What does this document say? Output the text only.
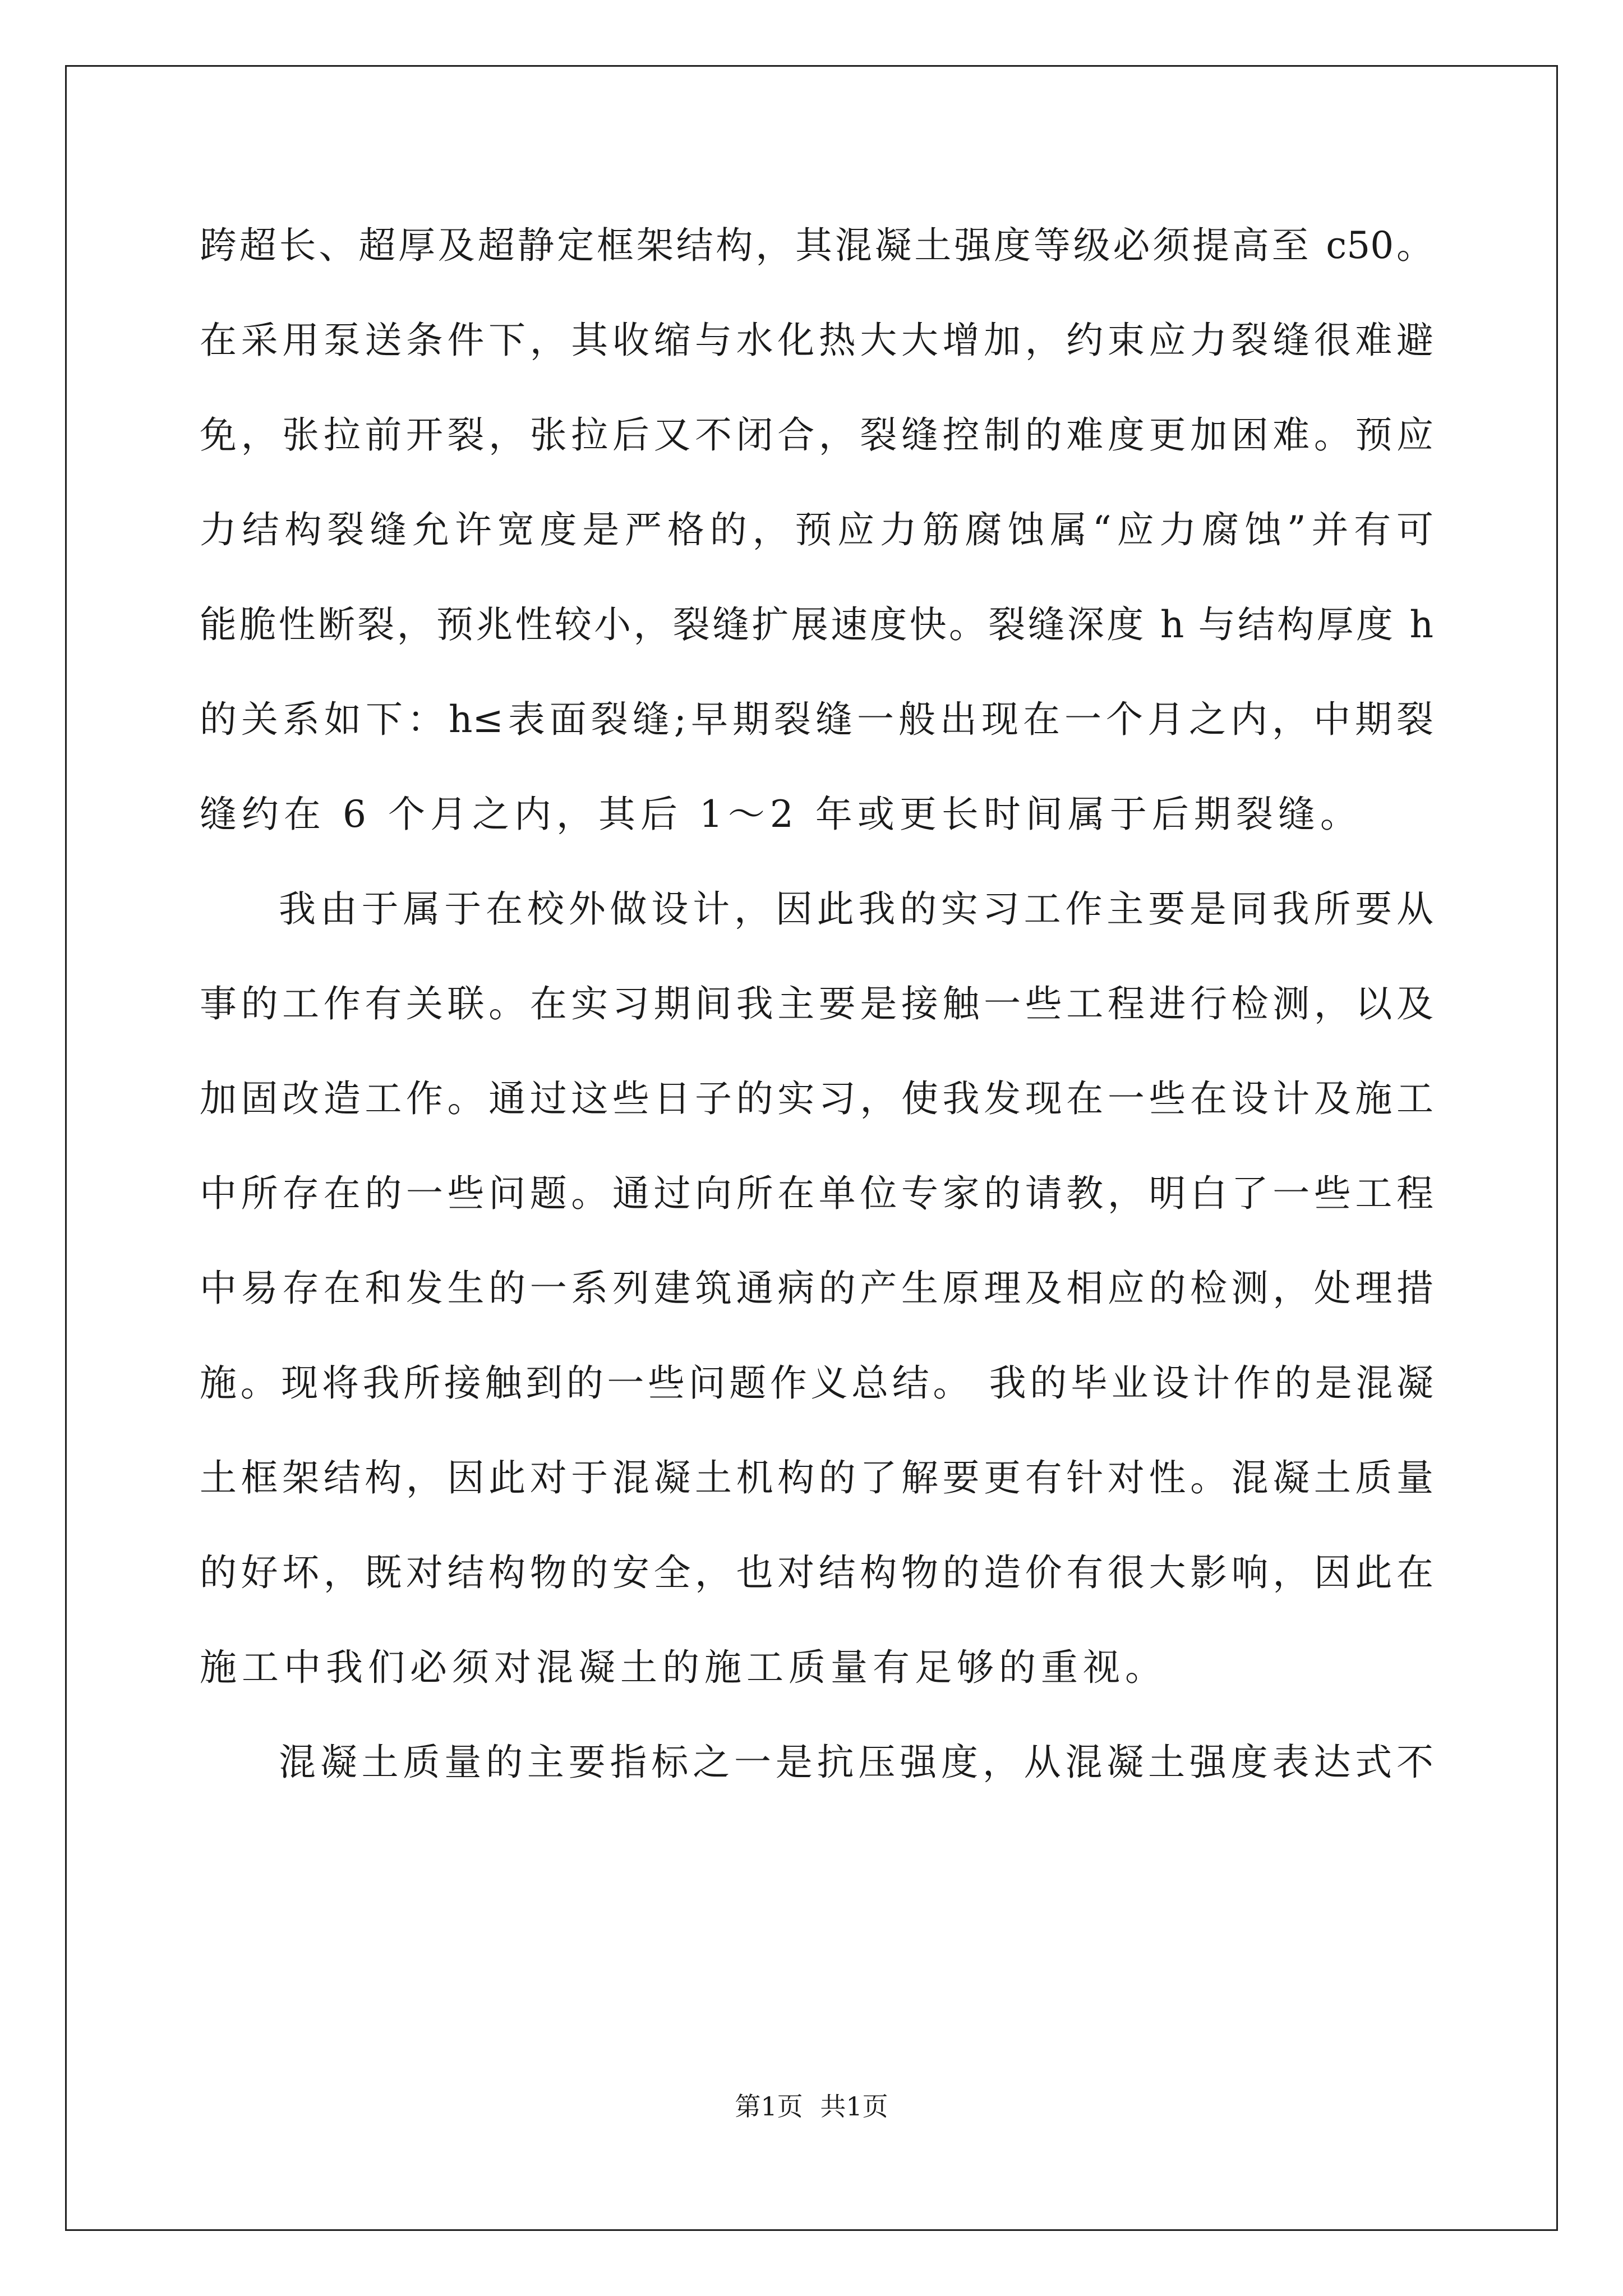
跨超长、超厚及超静定框架结构，其混凝土强度等级必须提高至 c50。
在采用泵送条件下，其收缩与水化热大大增加，约束应力裂缝很难避
免，张拉前开裂，张拉后又不闭合，裂缝控制的难度更加困难。预应
力结构裂缝允许宽度是严格的，预应力筋腐蚀属“应力腐蚀”并有可
能脆性断裂，预兆性较小，裂缝扩展速度快。裂缝深度 h 与结构厚度 h
的关系如下：h≤表面裂缝;早期裂缝一般出现在一个月之内，中期裂
缝约在 6 个月之内，其后 1～2 年或更长时间属于后期裂缝。
我由于属于在校外做设计，因此我的实习工作主要是同我所要从
事的工作有关联。在实习期间我主要是接触一些工程进行检测，以及
加固改造工作。通过这些日子的实习，使我发现在一些在设计及施工
中所存在的一些问题。通过向所在单位专家的请教，明白了一些工程
中易存在和发生的一系列建筑通病的产生原理及相应的检测，处理措
施。现将我所接触到的一些问题作义总结。 我的毕业设计作的是混凝
土框架结构，因此对于混凝土机构的了解要更有针对性。混凝土质量
的好坏，既对结构物的安全，也对结构物的造价有很大影响，因此在
施工中我们必须对混凝土的施工质量有足够的重视。
混凝土质量的主要指标之一是抗压强度，从混凝土强度表达式不
第1页 共1页
